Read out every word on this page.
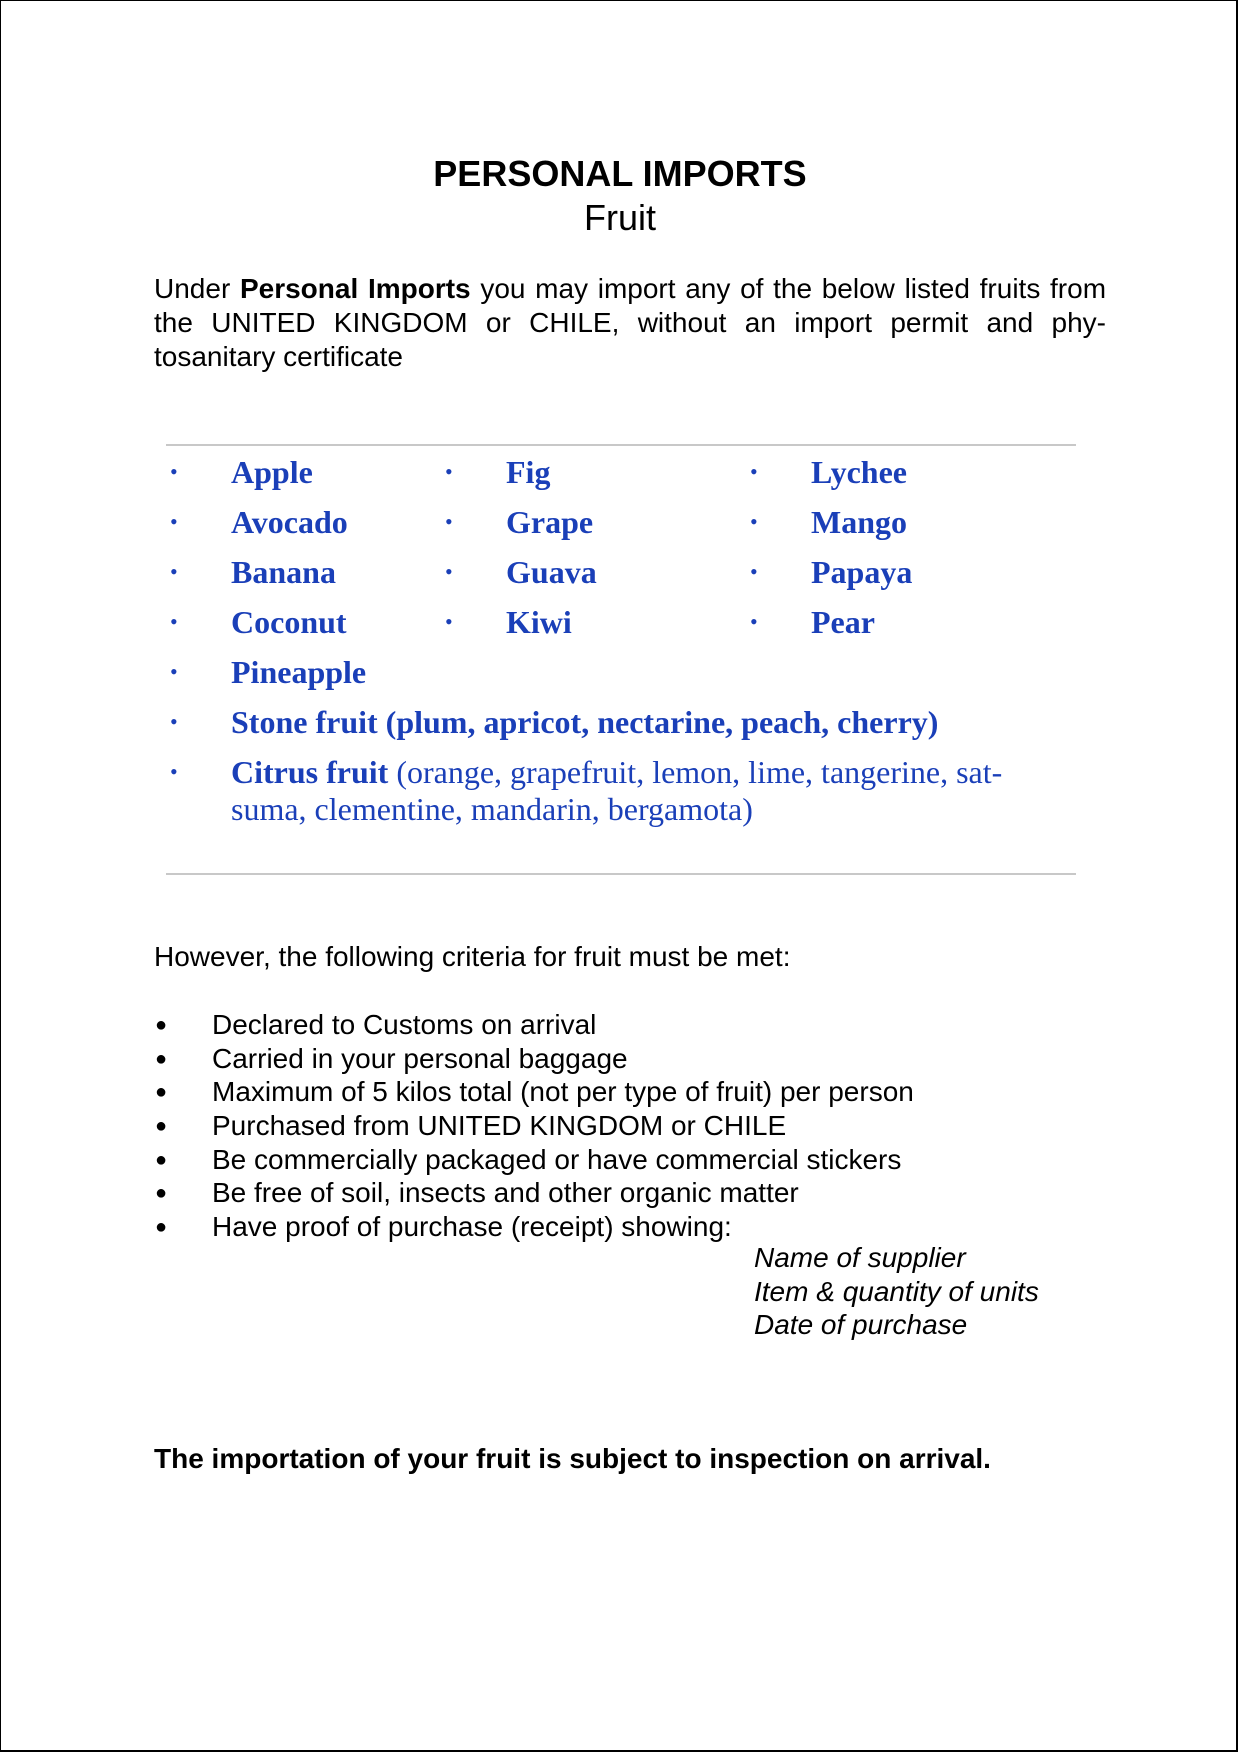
PERSONAL IMPORTS
Fruit
Under Personal Imports you may import any of the below listed fruits from the UNITED KINGDOM or CHILE, without an import permit and phy-tosanitary certificate
• Apple
• Avocado
• Banana
• Coconut
• Fig
• Grape
• Guava
• Kiwi
• Lychee
• Mango
• Papaya
• Pear
• Pineapple
• Stone fruit (plum, apricot, nectarine, peach, cherry)
• Citrus fruit (orange, grapefruit, lemon, lime, tangerine, sat-
suma, clementine, mandarin, bergamota)
However, the following criteria for fruit must be met:
● Declared to Customs on arrival
● Carried in your personal baggage
● Maximum of 5 kilos total (not per type of fruit) per person
● Purchased from UNITED KINGDOM or CHILE
● Be commercially packaged or have commercial stickers
● Be free of soil, insects and other organic matter
● Have proof of purchase (receipt) showing:
Name of supplier
Item & quantity of units
Date of purchase
The importation of your fruit is subject to inspection on arrival.
